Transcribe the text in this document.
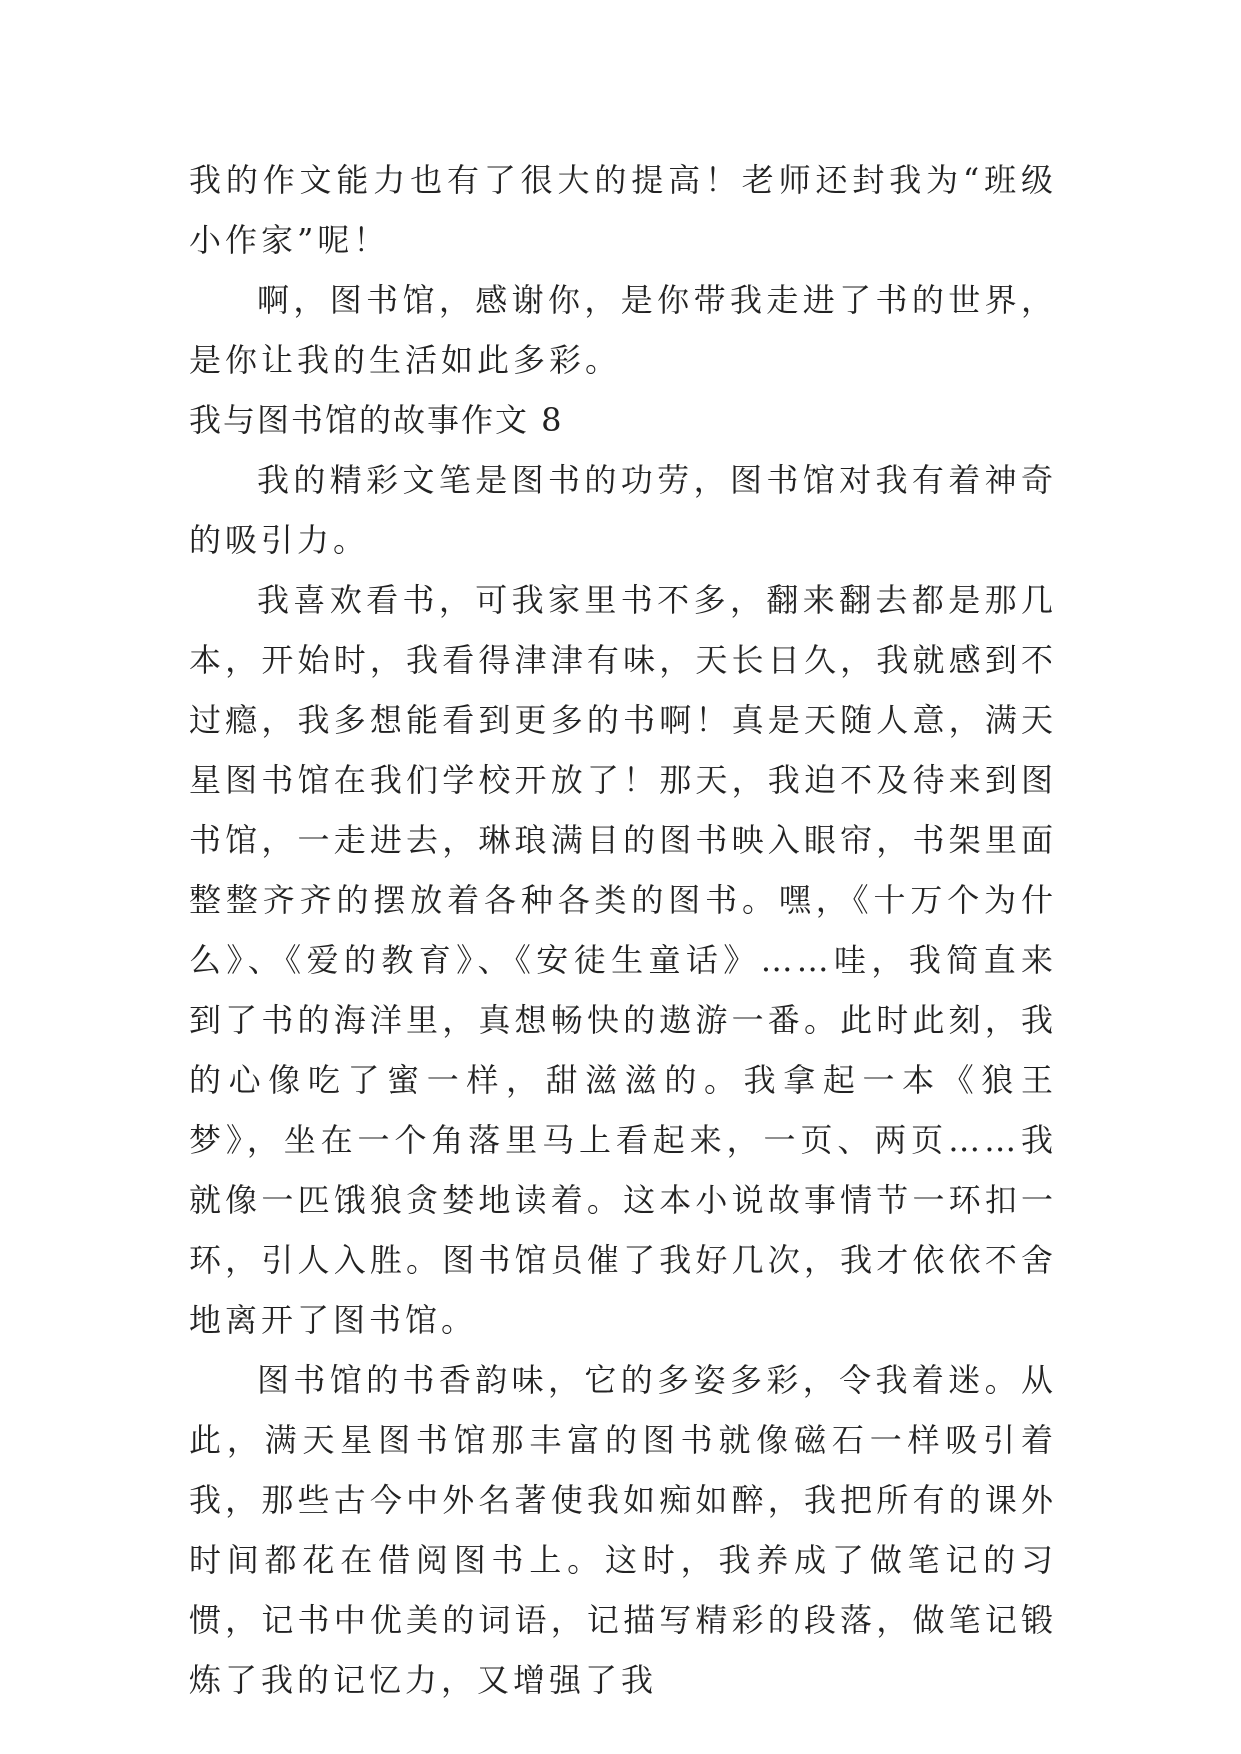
我的作文能力也有了很大的提高！老师还封我为“班级小作家”呢！

啊，图书馆，感谢你，是你带我走进了书的世界，是你让我的生活如此多彩。

我与图书馆的故事作文 8

我的精彩文笔是图书的功劳，图书馆对我有着神奇的吸引力。

我喜欢看书，可我家里书不多，翻来翻去都是那几本，开始时，我看得津津有味，天长日久，我就感到不过瘾，我多想能看到更多的书啊！真是天随人意，满天星图书馆在我们学校开放了！那天，我迫不及待来到图书馆，一走进去，琳琅满目的图书映入眼帘，书架里面整整齐齐的摆放着各种各类的图书。嘿，《十万个为什么》、《爱的教育》、《安徒生童话》……哇，我简直来到了书的海洋里，真想畅快的遨游一番。此时此刻，我的心像吃了蜜一样，甜滋滋的。我拿起一本《狼王梦》，坐在一个角落里马上看起来，一页、两页……我就像一匹饿狼贪婪地读着。这本小说故事情节一环扣一环，引人入胜。图书馆员催了我好几次，我才依依不舍地离开了图书馆。

图书馆的书香韵味，它的多姿多彩，令我着迷。从此，满天星图书馆那丰富的图书就像磁石一样吸引着我，那些古今中外名著使我如痴如醉，我把所有的课外时间都花在借阅图书上。这时，我养成了做笔记的习惯，记书中优美的词语，记描写精彩的段落，做笔记锻炼了我的记忆力，又增强了我
